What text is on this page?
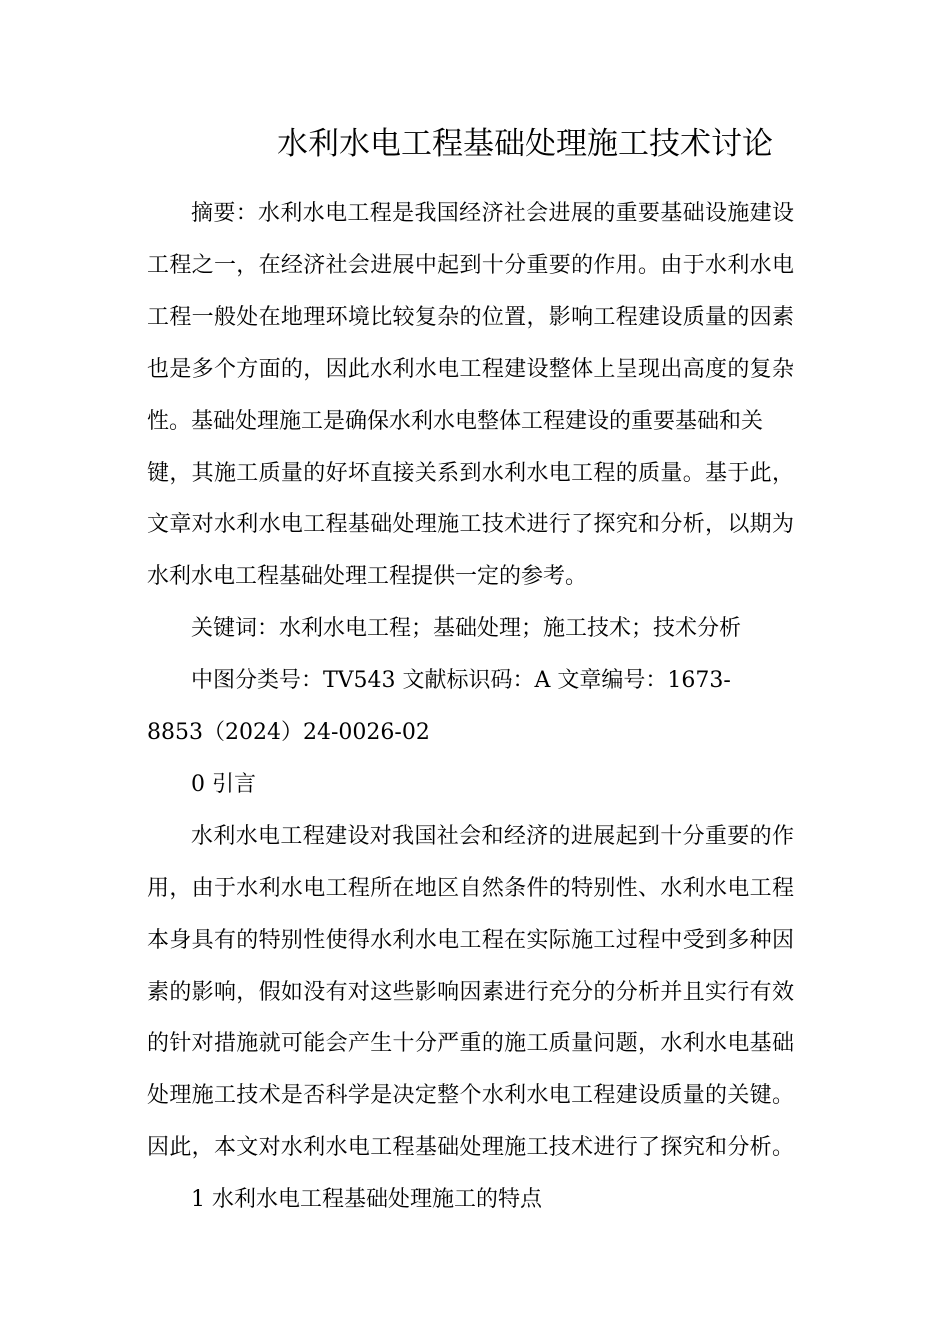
水利水电工程基础处理施工技术讨论
摘要：水利水电工程是我国经济社会进展的重要基础设施建设
工程之一，在经济社会进展中起到十分重要的作用。由于水利水电
工程一般处在地理环境比较复杂的位置，影响工程建设质量的因素
也是多个方面的，因此水利水电工程建设整体上呈现出高度的复杂
性。基础处理施工是确保水利水电整体工程建设的重要基础和关
键，其施工质量的好坏直接关系到水利水电工程的质量。基于此，
文章对水利水电工程基础处理施工技术进行了探究和分析，以期为
水利水电工程基础处理工程提供一定的参考。
关键词：水利水电工程；基础处理；施工技术；技术分析
中图分类号：TV543 文献标识码：A 文章编号：1673-
8853（2024）24-0026-02
0 引言
水利水电工程建设对我国社会和经济的进展起到十分重要的作
用，由于水利水电工程所在地区自然条件的特别性、水利水电工程
本身具有的特别性使得水利水电工程在实际施工过程中受到多种因
素的影响，假如没有对这些影响因素进行充分的分析并且实行有效
的针对措施就可能会产生十分严重的施工质量问题，水利水电基础
处理施工技术是否科学是决定整个水利水电工程建设质量的关键。
因此，本文对水利水电工程基础处理施工技术进行了探究和分析。
1 水利水电工程基础处理施工的特点
